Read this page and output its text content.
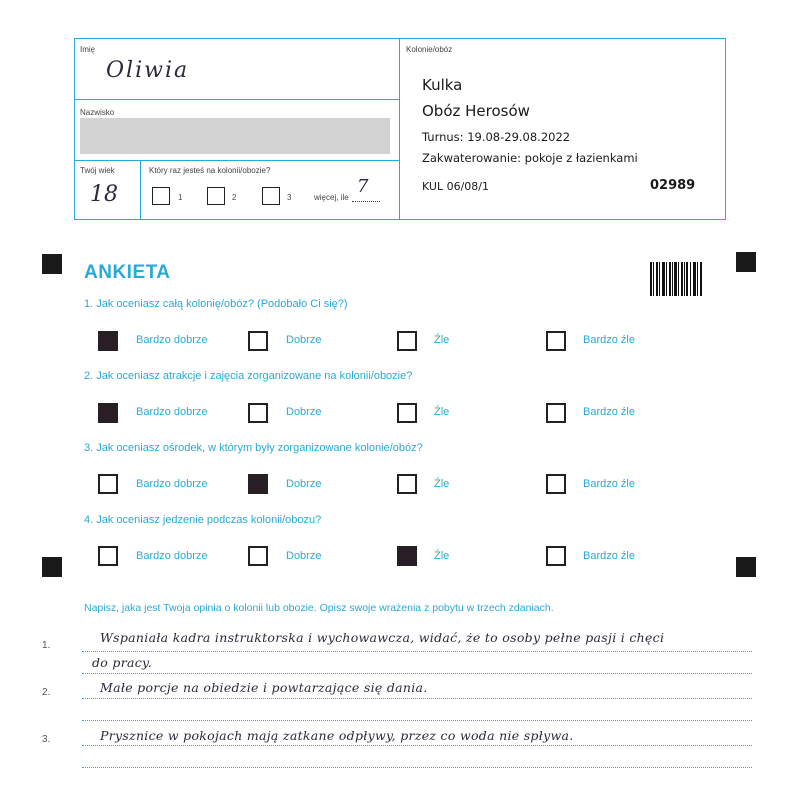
Imię
Oliwia
Nazwisko
Twój wiek
18
Który raz jesteś na kolonii/obozie?
1	2	3	więcej, ile
7
Kolonie/obóz
Kulka
Obóz Herosów
Turnus: 19.08-29.08.2022
Zakwaterowanie: pokoje z łazienkami
KUL 06/08/1	02989
ANKIETA
1. Jak oceniasz całą kolonię/obóz? (Podobało Ci się?)
Bardzo dobrze	Dobrze	Źle	Bardzo źle
2. Jak oceniasz atrakcje i zajęcia zorganizowane na kolonii/obozie?
Bardzo dobrze	Dobrze	Źle	Bardzo źle
3. Jak oceniasz ośrodek, w którym były zorganizowane kolonie/obóz?
Bardzo dobrze	Dobrze	Źle	Bardzo źle
4. Jak oceniasz jedzenie podczas kolonii/obozu?
Bardzo dobrze	Dobrze	Źle	Bardzo źle
Napisz, jaka jest Twoja opinia o kolonii lub obozie. Opisz swoje wrażenia z pobytu w trzech zdaniach.
1.
2.
3.
Wspaniała kadra instruktorska i wychowawcza, widać, że to osoby pełne pasji i chęci
do pracy.
Małe porcje na obiedzie i powtarzające się dania.
Prysznice w pokojach mają zatkane odpływy, przez co woda nie spływa.
